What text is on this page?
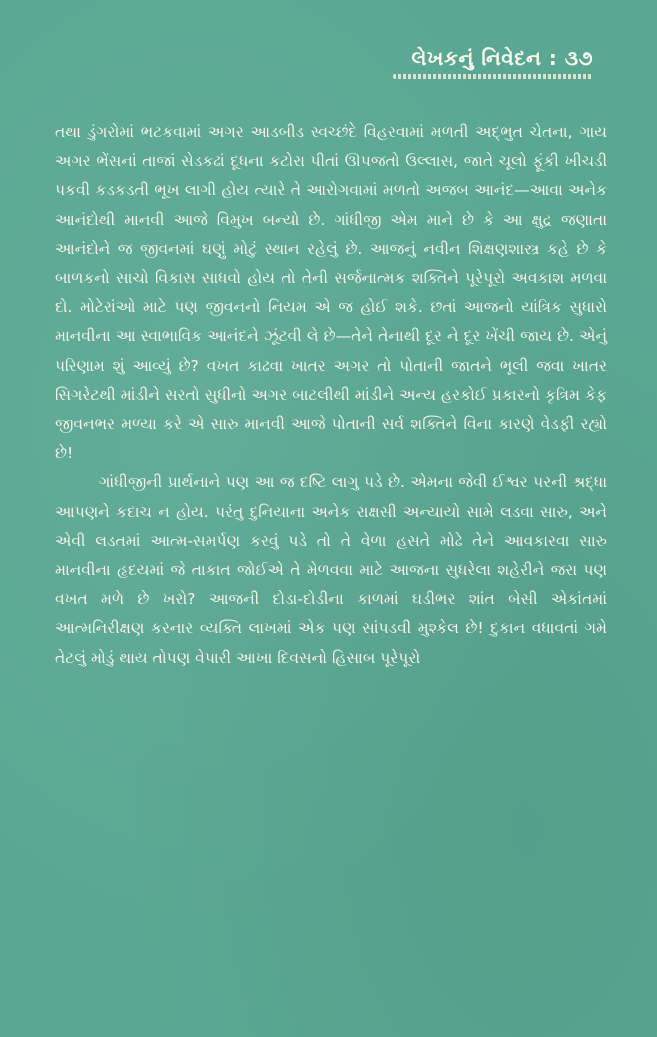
લેખકનું નિવેદન : ૩૭

તથા ડુંગરોમાં ભટકવામાં અગર આડબીડ સ્વચ્છંદે વિહરવામાં મળતી અદ્ભુત ચેતના, ગાય અગર ભેંસનાં તાજાં સેડકઢાં દૂધના કટોરા પીતાં ઊપજતો ઉલ્લાસ, જાતે ચૂલો ફૂંકી ખીચડી પકવી કડકડતી ભૂખ લાગી હોય ત્યારે તે આરોગવામાં મળતો અજબ આનંદ—આવા અનેક આનંદોથી માનવી આજે વિમુખ બન્યો છે. ગાંધીજી એમ માને છે કે આ ક્ષુદ્ર જણાતા આનંદોને જ જીવનમાં ઘણું મોટું સ્થાન રહેલું છે. આજનું નવીન શિક્ષણશાસ્ત્ર કહે છે કે બાળકનો સાચો વિકાસ સાધવો હોય તો તેની સર્જનાત્મક શક્તિને પૂરેપૂરો અવકાશ મળવા દો. મોટેરાંઓ માટે પણ જીવનનો નિયમ એ જ હોઈ શકે. છતાં આજનો યાંત્રિક સુધારો માનવીના આ સ્વાભાવિક આનંદને ઝૂંટવી લે છે—તેને તેનાથી દૂર ને દૂર ખેંચી જાય છે. એનું પરિણામ શું આવ્યું છે? વખત કાઢવા ખાતર અગર તો પોતાની જાતને ભૂલી જવા ખાતર સિગરેટથી માંડીને સરતો સુધીનો અગર બાટલીથી માંડીને અન્ય હરકોઈ પ્રકારનો કૃત્રિમ કેફ જીવનભર મળ્યા કરે એ સારુ માનવી આજે પોતાની સર્વ શક્તિને વિના કારણે વેડફી રહ્યો છે!

ગાંધીજીની પ્રાર્થનાને પણ આ જ દષ્ટિ લાગુ પડે છે. એમના જેવી ઈશ્વર પરની શ્રદ્ધા આપણને કદાચ ન હોય. પરંતુ દુનિયાના અનેક રાક્ષસી અન્યાયો સામે લડવા સારુ, અને એવી લડતમાં આત્મ-સમર્પણ કરવું પડે તો તે વેળા હસતે મોઢે તેને આવકારવા સારુ માનવીના હૃદયમાં જે તાકાત જોઈએ તે મેળવવા માટે આજના સુધરેલા શહેરીને જરા પણ વખત મળે છે ખરો? આજની દોડા-દોડીના કાળમાં ઘડીભર શાંત બેસી એકાંતમાં આત્મનિરીક્ષણ કરનાર વ્યક્તિ લાખમાં એક પણ સાંપડવી મુશ્કેલ છે! દુકાન વધાવતાં ગમે તેટલું મોડું થાય તોપણ વેપારી આખા દિવસનો હિસાબ પૂરેપૂરો
